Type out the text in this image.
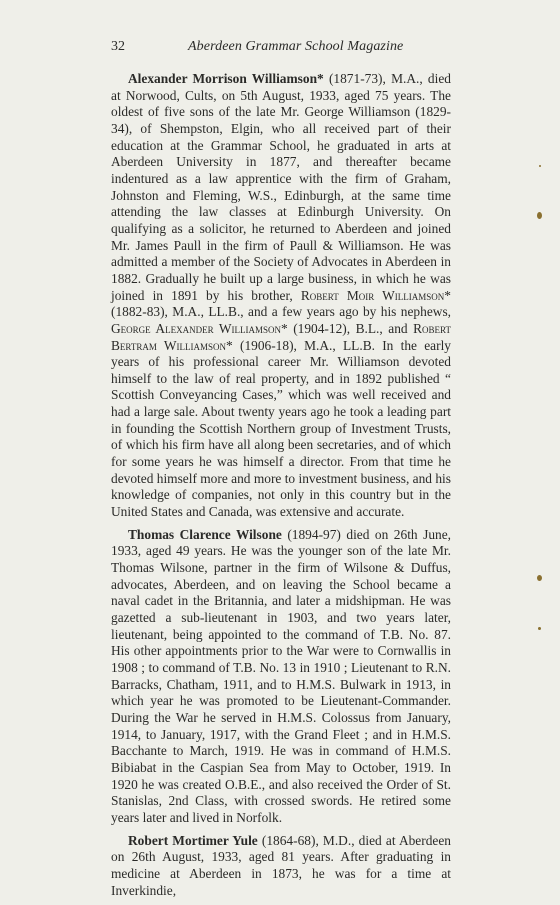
32	Aberdeen Grammar School Magazine

Alexander Morrison Williamson* (1871-73), M.A., died at Norwood, Cults, on 5th August, 1933, aged 75 years. The oldest of five sons of the late Mr. George Williamson (1829-34), of Shempston, Elgin, who all received part of their education at the Grammar School, he graduated in arts at Aberdeen University in 1877, and thereafter became indentured as a law apprentice with the firm of Graham, Johnston and Fleming, W.S., Edinburgh, at the same time attending the law classes at Edinburgh University. On qualifying as a solicitor, he returned to Aberdeen and joined Mr. James Paull in the firm of Paull & Williamson. He was admitted a member of the Society of Advocates in Aberdeen in 1882. Gradually he built up a large business, in which he was joined in 1891 by his brother, Robert Moir Williamson* (1882-83), M.A., LL.B., and a few years ago by his nephews, George Alexander Williamson* (1904-12), B.L., and Robert Bertram Williamson* (1906-18), M.A., LL.B. In the early years of his professional career Mr. Williamson devoted himself to the law of real property, and in 1892 published “ Scottish Conveyancing Cases,” which was well received and had a large sale. About twenty years ago he took a leading part in founding the Scottish Northern group of Investment Trusts, of which his firm have all along been secretaries, and of which for some years he was himself a director. From that time he devoted himself more and more to investment business, and his knowledge of companies, not only in this country but in the United States and Canada, was extensive and accurate.

Thomas Clarence Wilsone (1894-97) died on 26th June, 1933, aged 49 years. He was the younger son of the late Mr. Thomas Wilsone, partner in the firm of Wilsone & Duffus, advocates, Aberdeen, and on leaving the School became a naval cadet in the Britannia, and later a midshipman. He was gazetted a sub-lieutenant in 1903, and two years later, lieutenant, being appointed to the command of T.B. No. 87. His other appointments prior to the War were to Cornwallis in 1908 ; to command of T.B. No. 13 in 1910 ; Lieutenant to R.N. Barracks, Chatham, 1911, and to H.M.S. Bulwark in 1913, in which year he was promoted to be Lieutenant-Commander. During the War he served in H.M.S. Colossus from January, 1914, to January, 1917, with the Grand Fleet ; and in H.M.S. Bacchante to March, 1919. He was in command of H.M.S. Bibiabat in the Caspian Sea from May to October, 1919. In 1920 he was created O.B.E., and also received the Order of St. Stanislas, 2nd Class, with crossed swords. He retired some years later and lived in Norfolk.

Robert Mortimer Yule (1864-68), M.D., died at Aberdeen on 26th August, 1933, aged 81 years. After graduating in medicine at Aberdeen in 1873, he was for a time at Inverkindie,
